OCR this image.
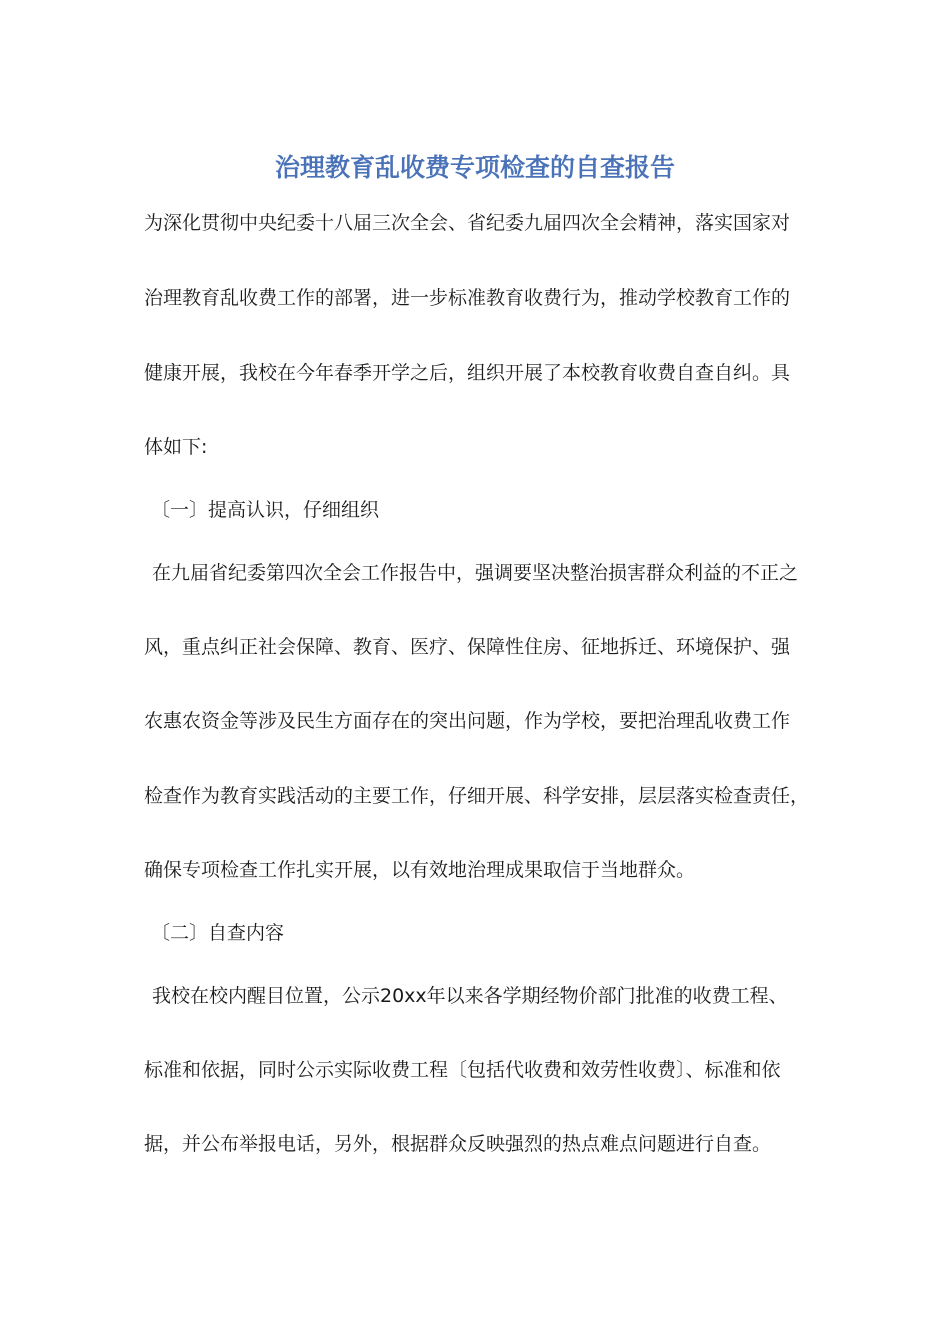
治理教育乱收费专项检查的自查报告
为深化贯彻中央纪委十八届三次全会、省纪委九届四次全会精神，落实国家对
治理教育乱收费工作的部署，进一步标准教育收费行为，推动学校教育工作的
健康开展，我校在今年春季开学之后，组织开展了本校教育收费自查自纠。具
体如下:
〔一〕提高认识，仔细组织
在九届省纪委第四次全会工作报告中，强调要坚决整治损害群众利益的不正之
风，重点纠正社会保障、教育、医疗、保障性住房、征地拆迁、环境保护、强
农惠农资金等涉及民生方面存在的突出问题，作为学校，要把治理乱收费工作
检查作为教育实践活动的主要工作，仔细开展、科学安排，层层落实检查责任，
确保专项检查工作扎实开展，以有效地治理成果取信于当地群众。
〔二〕自查内容
我校在校内醒目位置，公示20xx年以来各学期经物价部门批准的收费工程、
标准和依据，同时公示实际收费工程〔包括代收费和效劳性收费〕、标准和依
据，并公布举报电话，另外，根据群众反映强烈的热点难点问题进行自查。
